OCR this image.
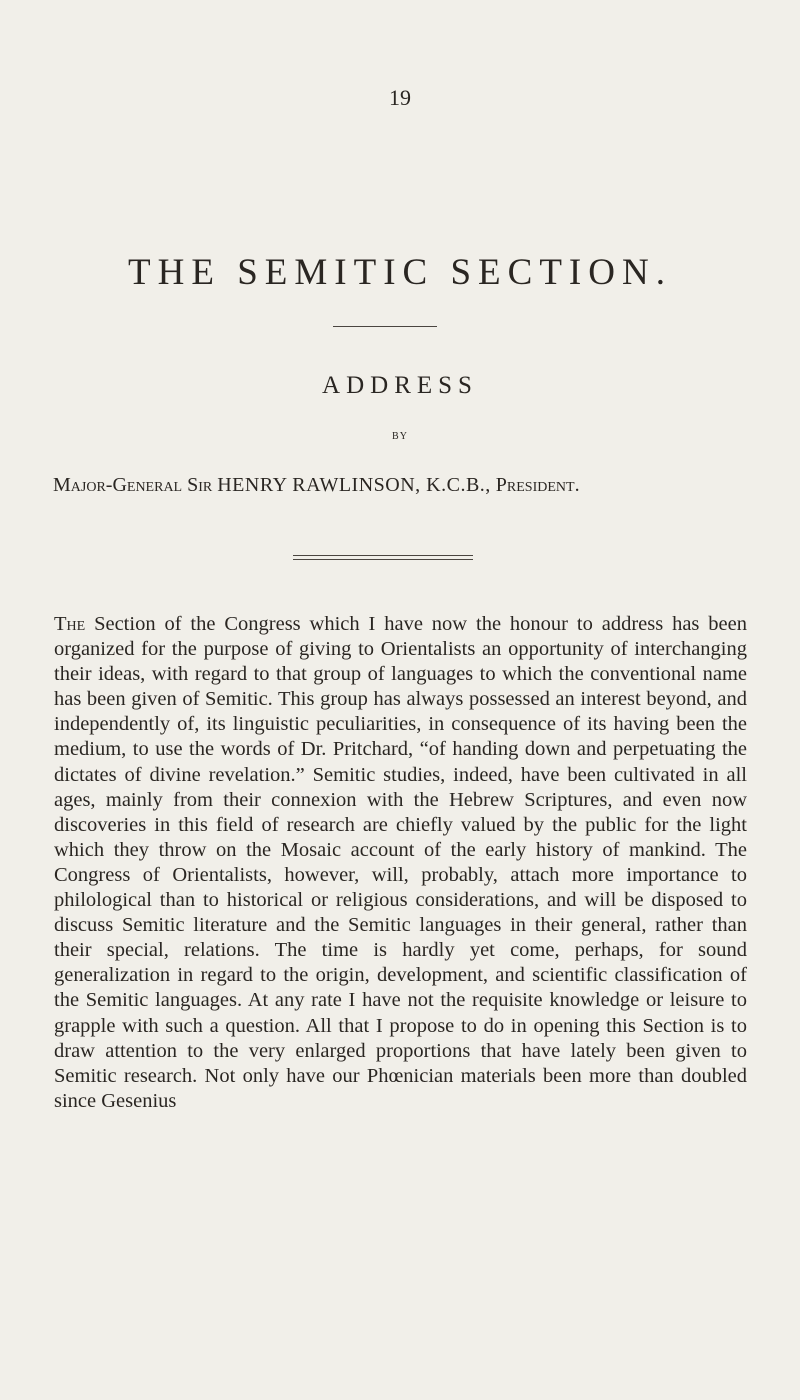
19
THE SEMITIC SECTION.
ADDRESS
BY
Major-General Sir HENRY RAWLINSON, K.C.B., President.

The Section of the Congress which I have now the honour to address has been organized for the purpose of giving to Orientalists an opportunity of interchanging their ideas, with regard to that group of languages to which the conventional name has been given of Semitic. This group has always possessed an interest beyond, and independently of, its linguistic peculiarities, in consequence of its having been the medium, to use the words of Dr. Pritchard, “of handing down and perpetuating the dictates of divine revelation.” Semitic studies, indeed, have been cultivated in all ages, mainly from their connexion with the Hebrew Scriptures, and even now discoveries in this field of research are chiefly valued by the public for the light which they throw on the Mosaic account of the early history of mankind. The Congress of Orientalists, however, will, probably, attach more importance to philological than to historical or religious considerations, and will be disposed to discuss Semitic literature and the Semitic languages in their general, rather than their special, relations. The time is hardly yet come, perhaps, for sound generalization in regard to the origin, development, and scientific classification of the Semitic languages. At any rate I have not the requisite knowledge or leisure to grapple with such a question. All that I propose to do in opening this Section is to draw attention to the very enlarged proportions that have lately been given to Semitic research. Not only have our Phœnician materials been more than doubled since Gesenius
